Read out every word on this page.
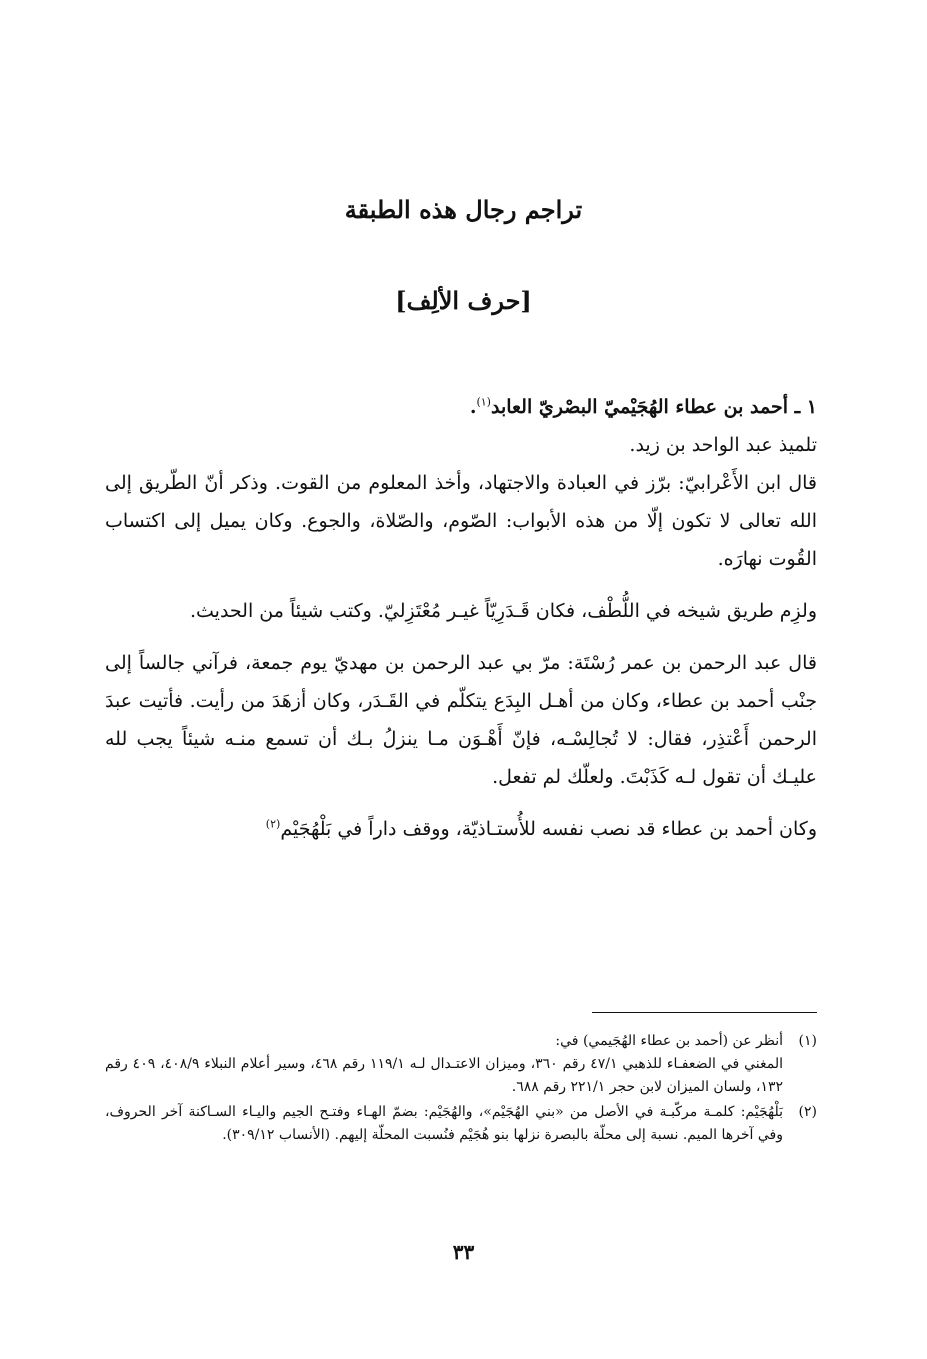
تراجم رجال هذه الطبقة
[حرف الألِف]

١ ـ أحمد بن عطاء الهُجَيْميّ البصْريّ العابد$^{(١)}$.

تلميذ عبد الواحد بن زيد.

قال ابن الأَعْرابيّ: برّز في العبادة والاجتهاد، وأخذ المعلوم من القوت. وذكر أنّ الطّريق إلى الله تعالى لا تكون إلّا من هذه الأبواب: الصّوم، والصّلاة، والجوع. وكان يميل إلى اكتساب القُوت نهارَه.

ولزِم طريق شيخه في اللُّطْف، فكان قَـدَرِيّاً غيـر مُعْتَزِليّ. وكتب شيئاً من الحديث.

قال عبد الرحمن بن عمر رُسْتَة: مرّ بي عبد الرحمن بن مهديّ يوم جمعة، فرآني جالساً إلى جنْب أحمد بن عطاء، وكان من أهـل البِدَع يتكلّم في القَـدَر، وكان أزهَدَ من رأيت. فأتيت عبدَ الرحمن أَعْتذِر، فقال: لا تُجالِسْـه، فإنّ أَهْـوَن مـا ينزلُ بـك أن تسمع منـه شيئاً يجب لله عليـك أن تقول لـه كَذَبْتَ. ولعلّك لم تفعل.

وكان أحمد بن عطاء قد نصب نفسه للأُستـاذيّة، ووقف داراً في بَلْهُجَيْم$^{(٢)}$

(١)

أنظر عن (أحمد بن عطاء الهُجَيمي) في:

المغني في الضعفـاء للذهبي ٤٧/١ رقم ٣٦٠، وميزان الاعتـدال لـه ١١٩/١ رقم ٤٦٨، وسير أعلام النبلاء ٤٠٨/٩، ٤٠٩ رقم ١٣٢، ولسان الميزان لابن حجر ٢٢١/١ رقم ٦٨٨.

(٢)

بَلْهُجَيْم: كلمـة مركّبـة في الأصل من «بني الهُجَيْم»، والهُجَيْم: بضمّ الهـاء وفتـح الجيم واليـاء السـاكنة آخر الحروف، وفي آخرها الميم. نسبة إلى محلّة بالبصرة نزلها بنو هُجَيْم فنُسبت المحلّة إليهم. (الأنساب ٣٠٩/١٢).

٣٣
